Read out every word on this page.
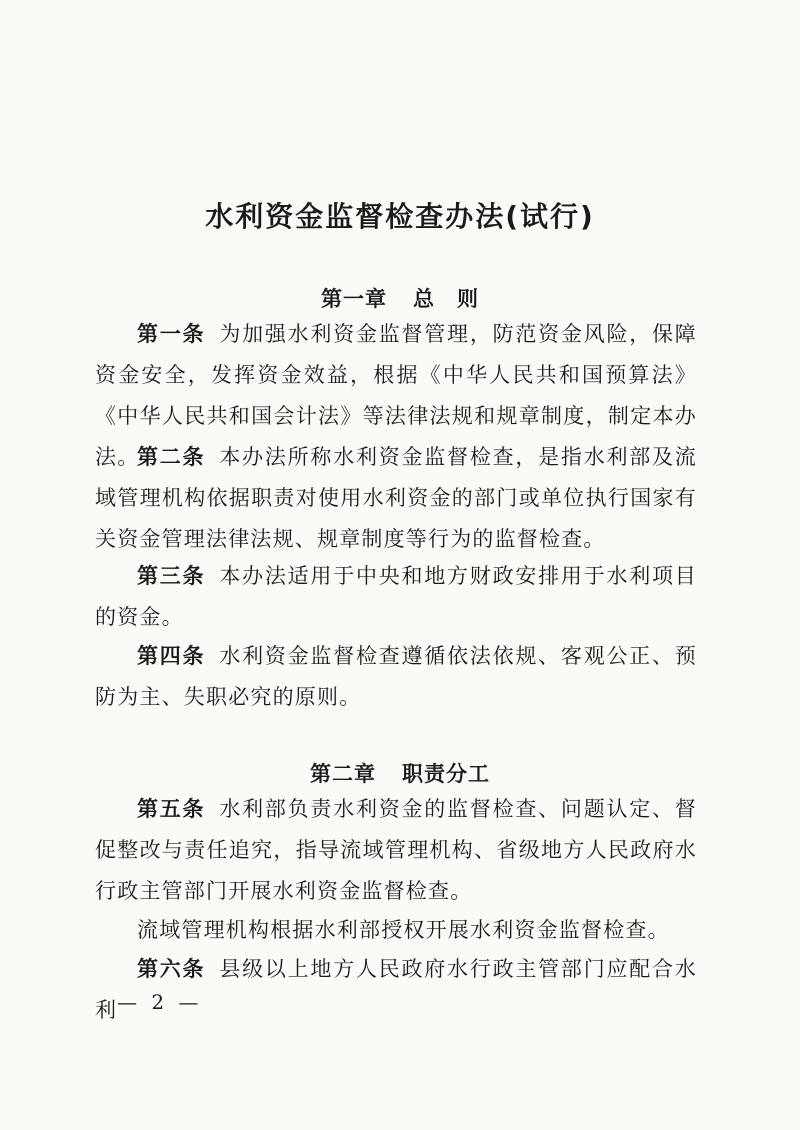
水利资金监督检查办法(试行)
第一章 总　则
第一条 为加强水利资金监督管理，防范资金风险，保障资金安全，发挥资金效益，根据《中华人民共和国预算法》《中华人民共和国会计法》等法律法规和规章制度，制定本办法。
第二条 本办法所称水利资金监督检查，是指水利部及流域管理机构依据职责对使用水利资金的部门或单位执行国家有关资金管理法律法规、规章制度等行为的监督检查。
第三条 本办法适用于中央和地方财政安排用于水利项目的资金。
第四条 水利资金监督检查遵循依法依规、客观公正、预防为主、失职必究的原则。
第二章 职责分工
第五条 水利部负责水利资金的监督检查、问题认定、督促整改与责任追究，指导流域管理机构、省级地方人民政府水行政主管部门开展水利资金监督检查。
流域管理机构根据水利部授权开展水利资金监督检查。
第六条 县级以上地方人民政府水行政主管部门应配合水利 — 2 —
